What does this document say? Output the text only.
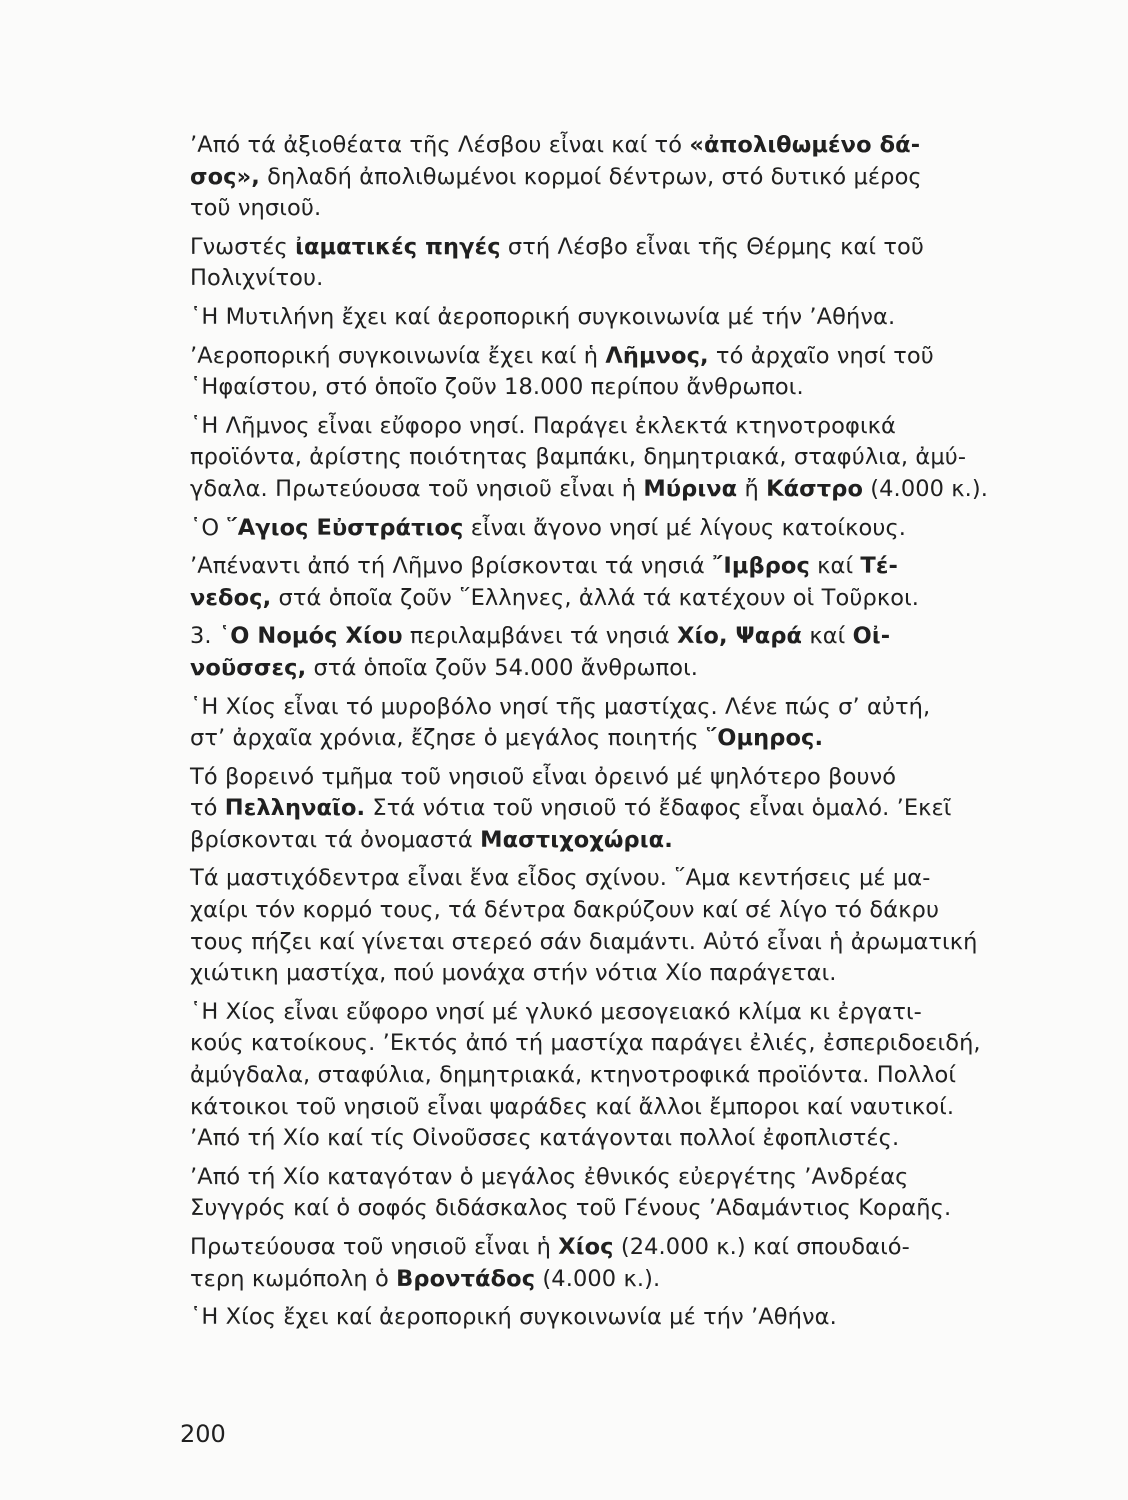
’Από τά ἀξιοθέατα τῆς Λέσβου εἶναι καί τό «ἀπολιθωμένο δά-
σος», δηλαδή ἀπολιθωμένοι κορμοί δέντρων, στό δυτικό μέρος
τοῦ νησιοῦ.

Γνωστές ἰαματικές πηγές στή Λέσβο εἶναι τῆς Θέρμης καί τοῦ
Πολιχνίτου.

῾Η Μυτιλήνη ἔχει καί ἀεροπορική συγκοινωνία μέ τήν ’Αθήνα.

’Αεροπορική συγκοινωνία ἔχει καί ἡ Λῆμνος, τό ἀρχαῖο νησί τοῦ
῾Ηφαίστου, στό ὁποῖο ζοῦν 18.000 περίπου ἄνθρωποι.

῾Η Λῆμνος εἶναι εὔφορο νησί. Παράγει ἐκλεκτά κτηνοτροφικά
προϊόντα, ἀρίστης ποιότητας βαμπάκι, δημητριακά, σταφύλια, ἀμύ-
γδαλα. Πρωτεύουσα τοῦ νησιοῦ εἶναι ἡ Μύρινα ἤ Κάστρο (4.000 κ.).

῾Ο ῞Αγιος Εὐστράτιος εἶναι ἄγονο νησί μέ λίγους κατοίκους.

’Απέναντι ἀπό τή Λῆμνο βρίσκονται τά νησιά ῎Ιμβρος καί Τέ-
νεδος, στά ὁποῖα ζοῦν ῞Ελληνες, ἀλλά τά κατέχουν οἱ Τοῦρκοι.

3. ῾Ο Νομός Χίου περιλαμβάνει τά νησιά Χίο, Ψαρά καί Οἰ-
νοῦσσες, στά ὁποῖα ζοῦν 54.000 ἄνθρωποι.

῾Η Χίος εἶναι τό μυροβόλο νησί τῆς μαστίχας. Λένε πώς σ’ αὐτή,
στ’ ἀρχαῖα χρόνια, ἔζησε ὁ μεγάλος ποιητής ῞Ομηρος.

Τό βορεινό τμῆμα τοῦ νησιοῦ εἶναι ὀρεινό μέ ψηλότερο βουνό
τό Πελληναῖο. Στά νότια τοῦ νησιοῦ τό ἔδαφος εἶναι ὁμαλό. ’Εκεῖ
βρίσκονται τά ὀνομαστά Μαστιχοχώρια.

Τά μαστιχόδεντρα εἶναι ἕνα εἶδος σχίνου. ῞Αμα κεντήσεις μέ μα-
χαίρι τόν κορμό τους, τά δέντρα δακρύζουν καί σέ λίγο τό δάκρυ
τους πήζει καί γίνεται στερεό σάν διαμάντι. Αὐτό εἶναι ἡ ἀρωματική
χιώτικη μαστίχα, πού μονάχα στήν νότια Χίο παράγεται.

῾Η Χίος εἶναι εὔφορο νησί μέ γλυκό μεσογειακό κλίμα κι ἐργατι-
κούς κατοίκους. ’Εκτός ἀπό τή μαστίχα παράγει ἐλιές, ἐσπεριδοειδή,
ἀμύγδαλα, σταφύλια, δημητριακά, κτηνοτροφικά προϊόντα. Πολλοί
κάτοικοι τοῦ νησιοῦ εἶναι ψαράδες καί ἄλλοι ἔμποροι καί ναυτικοί.
’Από τή Χίο καί τίς Οἰνοῦσσες κατάγονται πολλοί ἐφοπλιστές.

’Από τή Χίο καταγόταν ὁ μεγάλος ἐθνικός εὐεργέτης ’Ανδρέας
Συγγρός καί ὁ σοφός διδάσκαλος τοῦ Γένους ’Αδαμάντιος Κοραῆς.

Πρωτεύουσα τοῦ νησιοῦ εἶναι ἡ Χίος (24.000 κ.) καί σπουδαιό-
τερη κωμόπολη ὁ Βροντάδος (4.000 κ.).

῾Η Χίος ἔχει καί ἀεροπορική συγκοινωνία μέ τήν ’Αθήνα.

200
